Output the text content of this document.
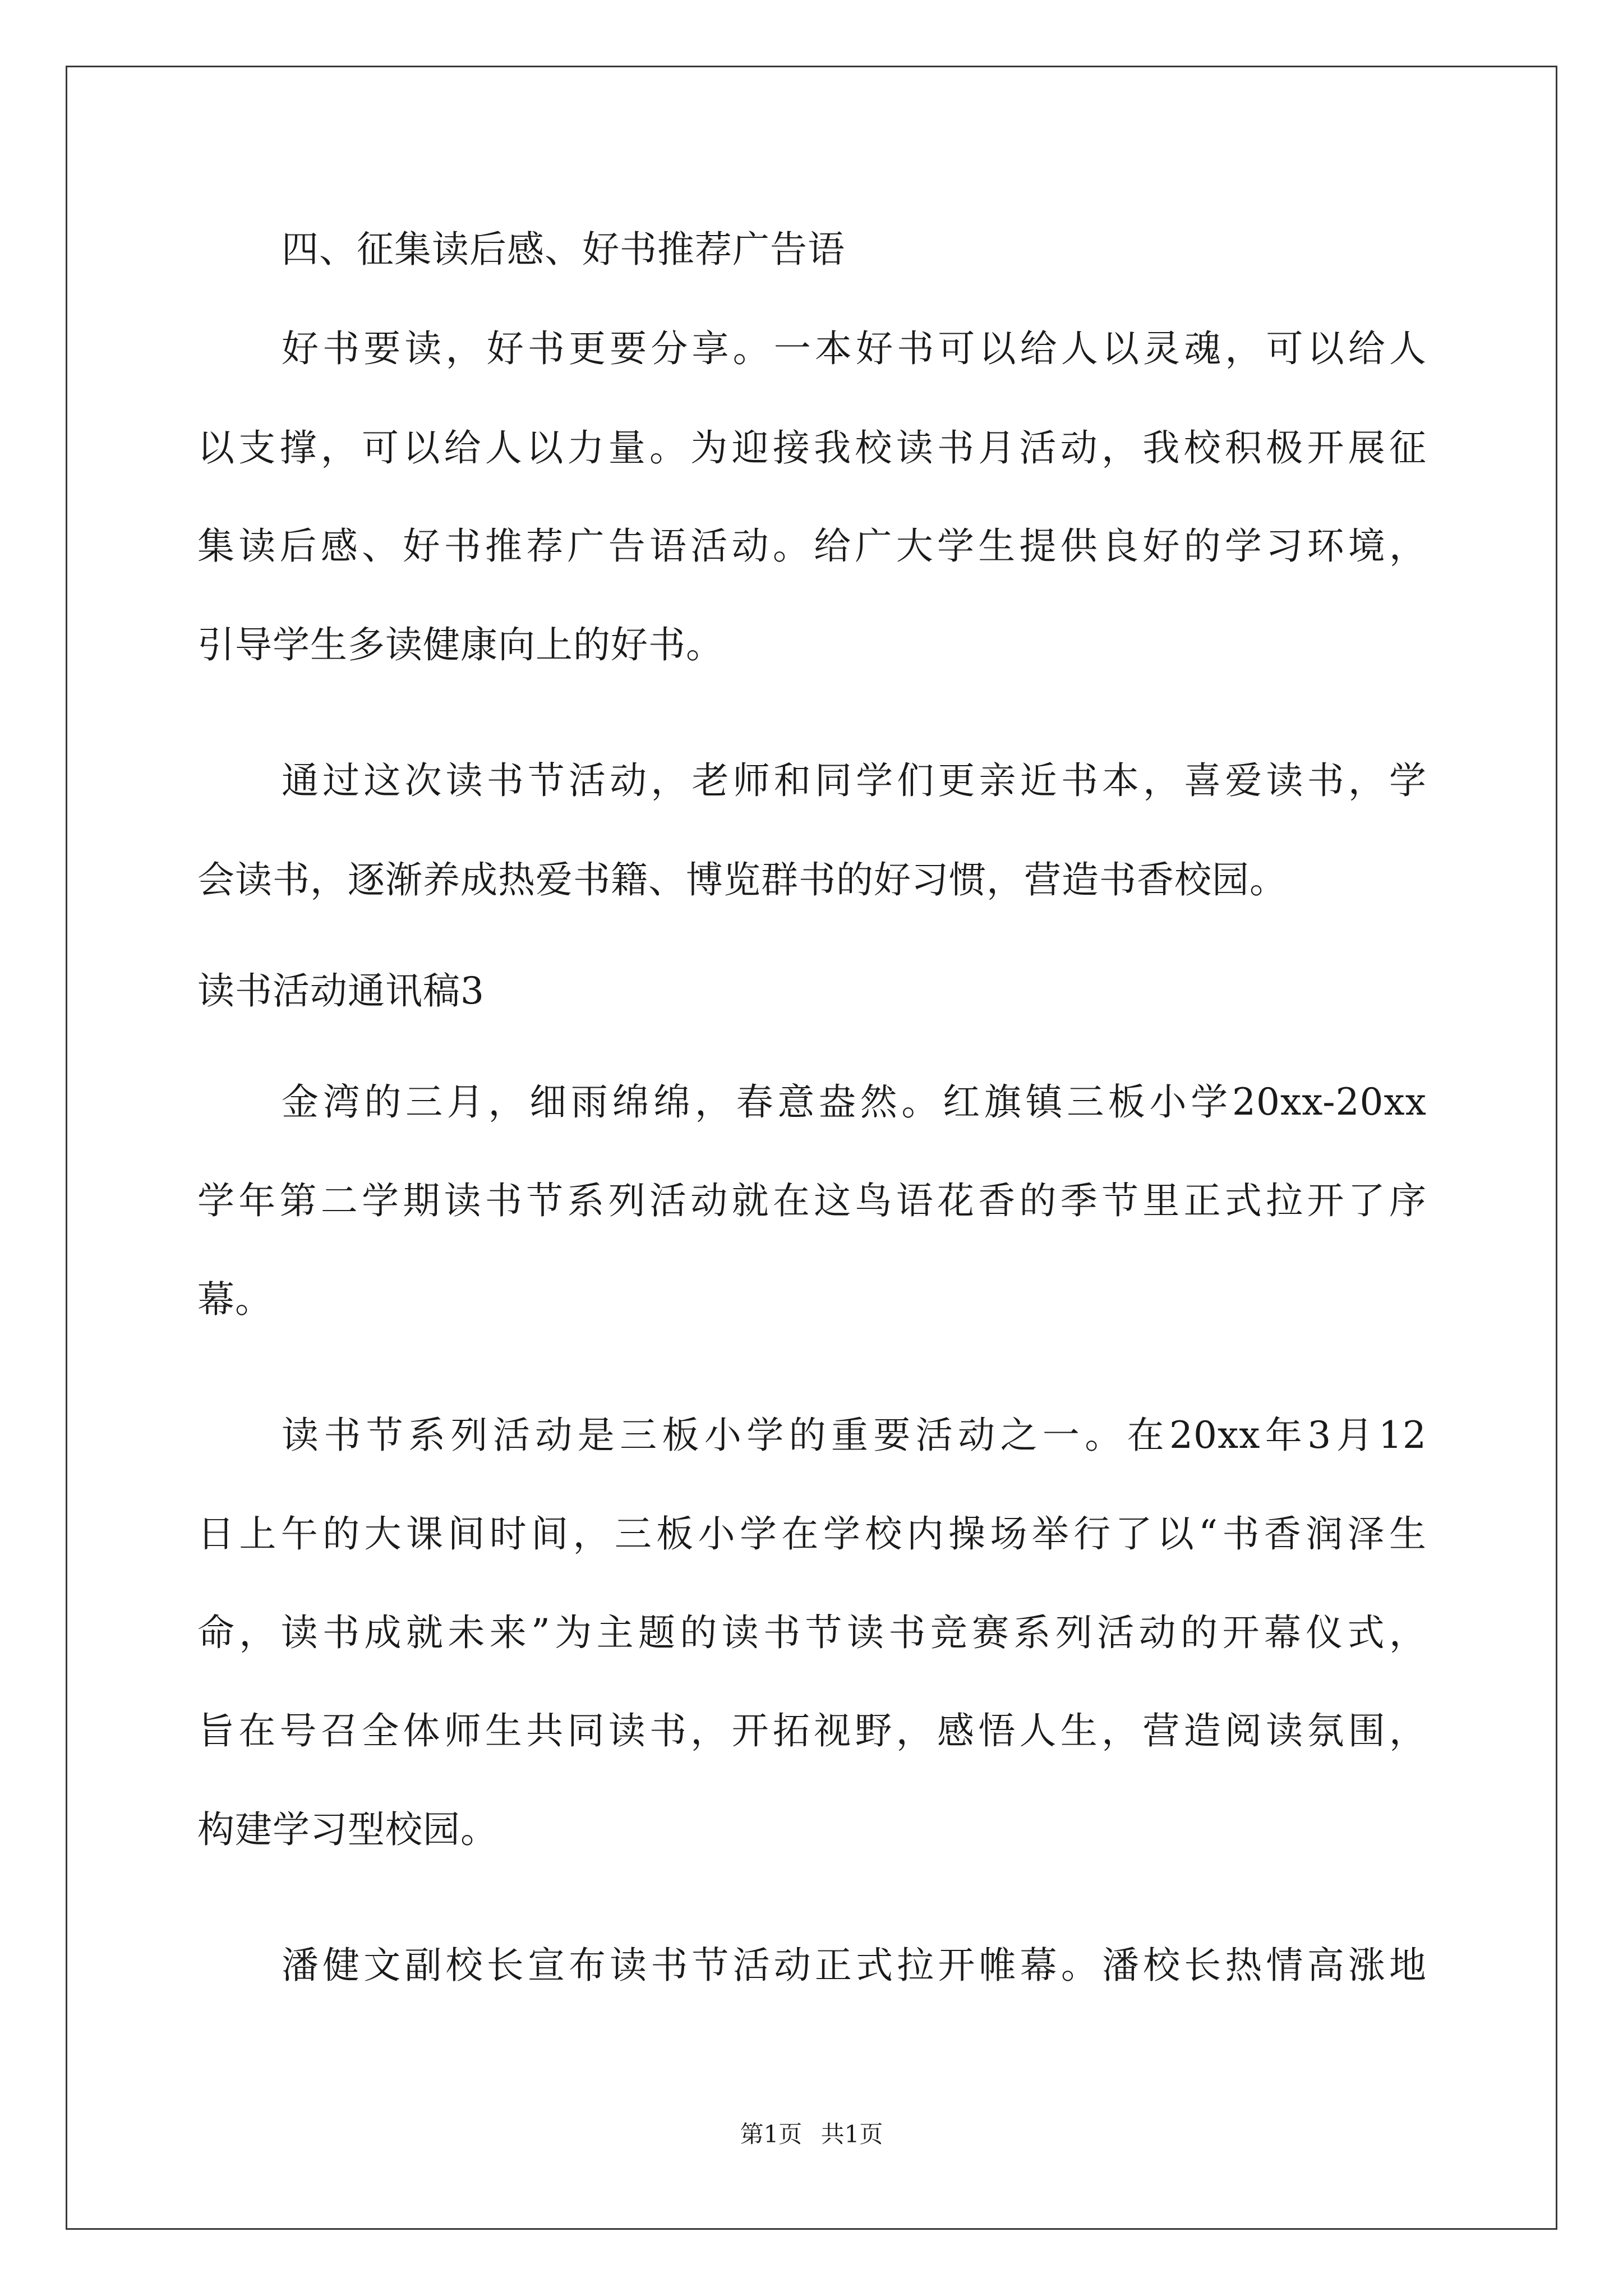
四、征集读后感、好书推荐广告语
好书要读，好书更要分享。一本好书可以给人以灵魂，可以给人
以支撑，可以给人以力量。为迎接我校读书月活动，我校积极开展征
集读后感、好书推荐广告语活动。给广大学生提供良好的学习环境，
引导学生多读健康向上的好书。
通过这次读书节活动，老师和同学们更亲近书本，喜爱读书，学
会读书，逐渐养成热爱书籍、博览群书的好习惯，营造书香校园。
读书活动通讯稿3
金湾的三月，细雨绵绵，春意盎然。红旗镇三板小学20xx-20xx
学年第二学期读书节系列活动就在这鸟语花香的季节里正式拉开了序
幕。
读书节系列活动是三板小学的重要活动之一。在20xx年3月12
日上午的大课间时间，三板小学在学校内操场举行了以“书香润泽生
命，读书成就未来”为主题的读书节读书竞赛系列活动的开幕仪式，
旨在号召全体师生共同读书，开拓视野，感悟人生，营造阅读氛围，
构建学习型校园。
潘健文副校长宣布读书节活动正式拉开帷幕。潘校长热情高涨地
第1页 共1页
